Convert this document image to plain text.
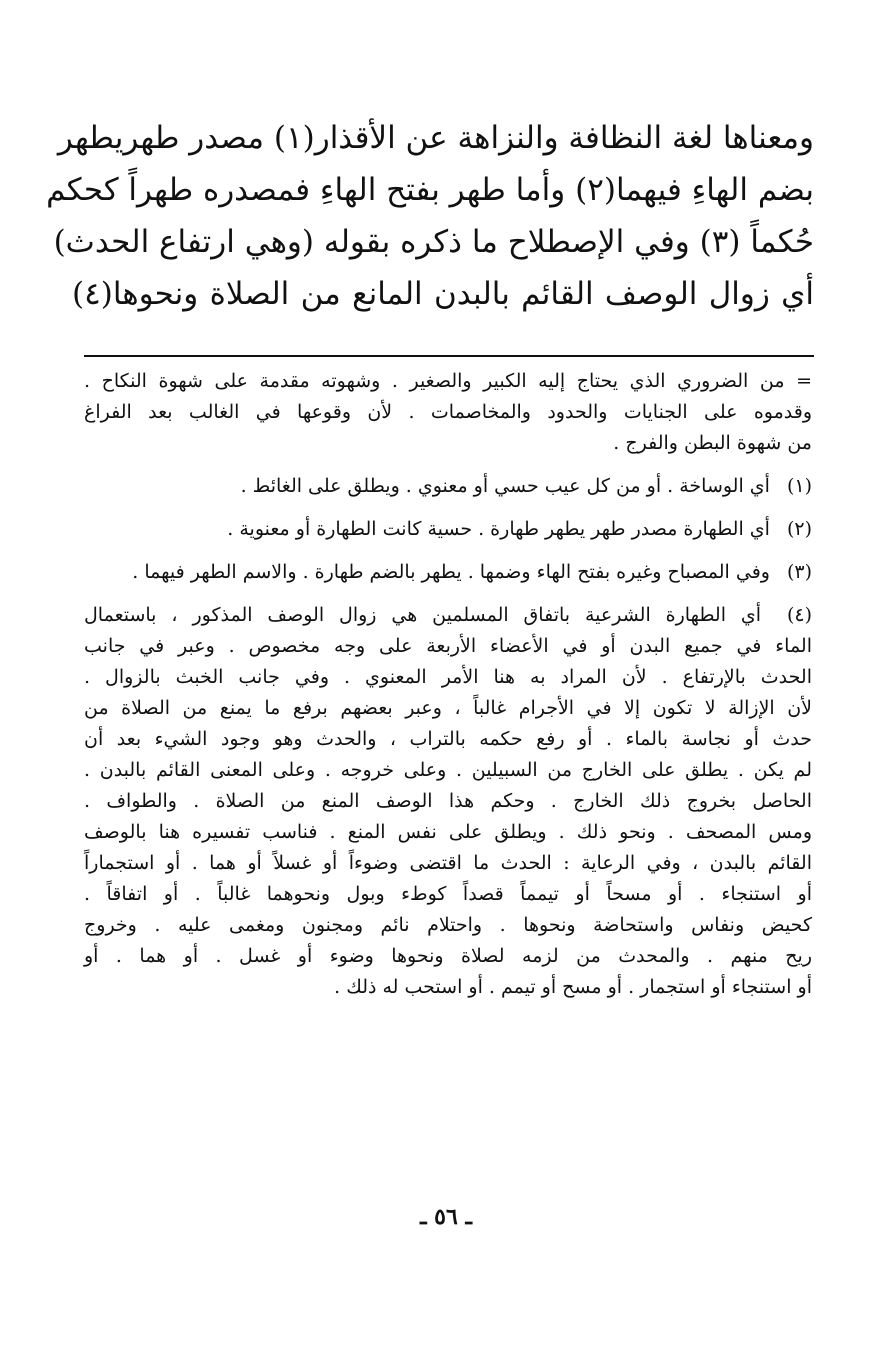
ومعناها لغة النظافة والنزاهة عن الأقذار(١) مصدر طهريطهر
بضم الهاءِ فيهما(٢) وأما طهر بفتح الهاءِ فمصدره طهراً كحكم
حُكماً (٣) وفي الإصطلاح ما ذكره بقوله (وهي ارتفاع الحدث)
أي زوال الوصف القائم بالبدن المانع من الصلاة ونحوها(٤)
= من الضروري الذي يحتاج إليه الكبير والصغير . وشهوته مقدمة على شهوة النكاح .
وقدموه على الجنايات والحدود والمخاصمات . لأن وقوعها في الغالب بعد الفراغ
من شهوة البطن والفرج .
(١) أي الوساخة . أو من كل عيب حسي أو معنوي . ويطلق على الغائط .
(٢) أي الطهارة مصدر طهر يطهر طهارة . حسية كانت الطهارة أو معنوية .
(٣) وفي المصباح وغيره بفتح الهاء وضمها . يطهر بالضم طهارة . والاسم الطهر فيهما .
(٤) أي الطهارة الشرعية باتفاق المسلمين هي زوال الوصف المذكور ، باستعمال
الماء في جميع البدن أو في الأعضاء الأربعة على وجه مخصوص . وعبر في جانب
الحدث بالإرتفاع . لأن المراد به هنا الأمر المعنوي . وفي جانب الخبث بالزوال .
لأن الإزالة لا تكون إلا في الأجرام غالباً ، وعبر بعضهم برفع ما يمنع من الصلاة من
حدث أو نجاسة بالماء . أو رفع حكمه بالتراب ، والحدث وهو وجود الشيء بعد أن
لم يكن . يطلق على الخارج من السبيلين . وعلى خروجه . وعلى المعنى القائم بالبدن .
الحاصل بخروج ذلك الخارج . وحكم هذا الوصف المنع من الصلاة . والطواف .
ومس المصحف . ونحو ذلك . ويطلق على نفس المنع . فناسب تفسيره هنا بالوصف
القائم بالبدن ، وفي الرعاية : الحدث ما اقتضى وضوءاً أو غسلاً أو هما . أو استجماراً
أو استنجاء . أو مسحاً أو تيمماً قصداً كوطء وبول ونحوهما غالباً . أو اتفاقاً .
كحيض ونفاس واستحاضة ونحوها . واحتلام نائم ومجنون ومغمى عليه . وخروج
ريح منهم . والمحدث من لزمه لصلاة ونحوها وضوء أو غسل . أو هما . أو
أو استنجاء أو استجمار . أو مسح أو تيمم . أو استحب له ذلك .
ـ ٥٦ ـ
